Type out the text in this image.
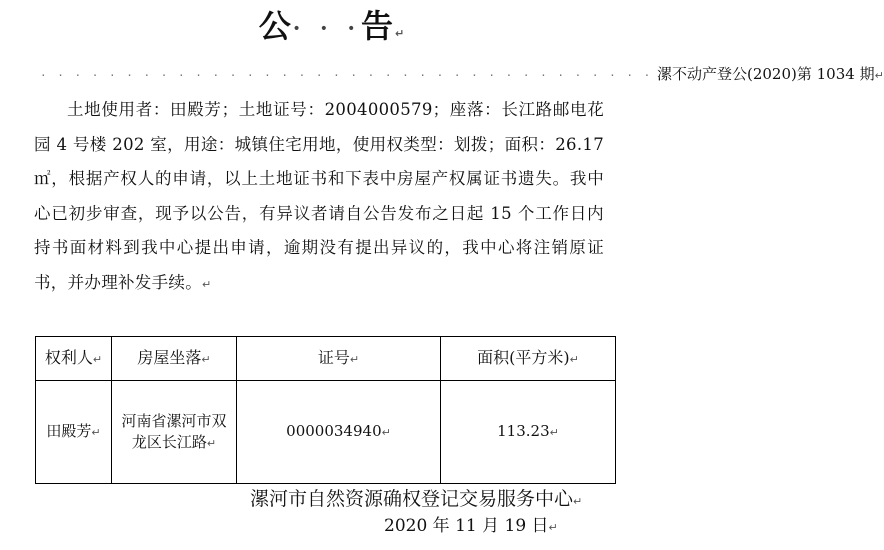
公· · ·告↵
· · · · · · · · · · · · · · · · · · · · · · · · · · · · · · · · · · · · 漯不动产登公(2020)第 1034 期↵
土地使用者：田殿芳；土地证号：2004000579；座落：长江路邮电花园 4 号楼 202 室，用途：城镇住宅用地，使用权类型：划拨；面积：26.17 ㎡，根据产权人的申请，以上土地证书和下表中房屋产权属证书遗失。我中心已初步审查，现予以公告，有异议者请自公告发布之日起 15 个工作日内持书面材料到我中心提出申请，逾期没有提出异议的，我中心将注销原证书，并办理补发手续。↵
权利人↵	房屋坐落↵	证号↵	面积(平方米)↵
田殿芳↵	河南省漯河市双龙区长江路↵	0000034940↵	113.23↵
漯河市自然资源确权登记交易服务中心↵
2020 年 11 月 19 日↵
